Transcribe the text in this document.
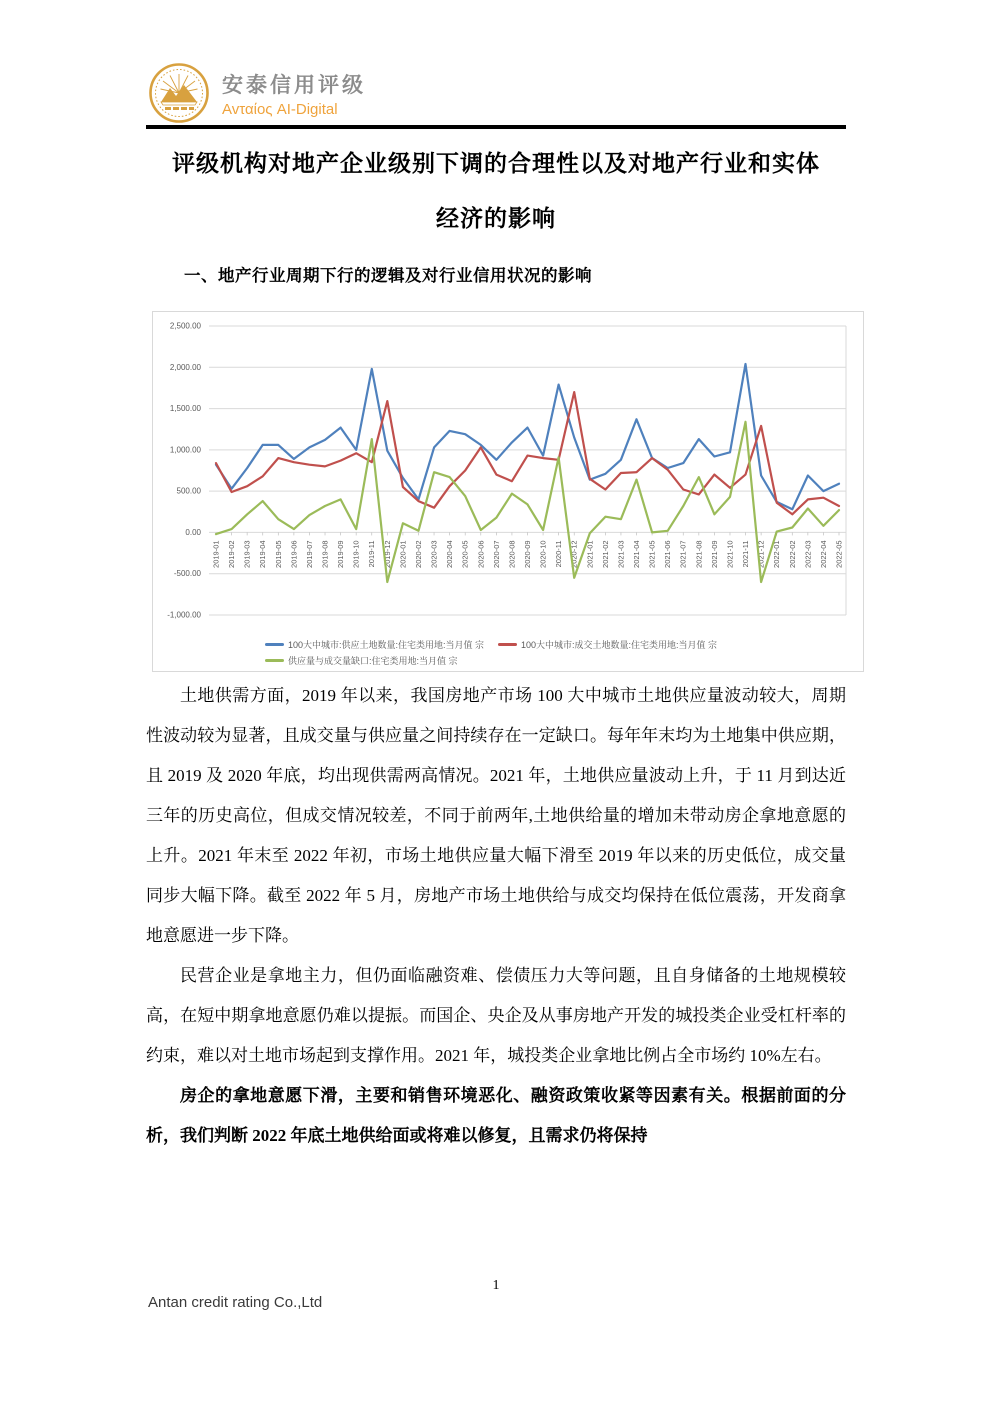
安泰信用评级
Avταίος AI-Digital
评级机构对地产企业级别下调的合理性以及对地产行业和实体
经济的影响
一、地产行业周期下行的逻辑及对行业信用状况的影响
2,500.00
2,000.00
1,500.00
1,000.00
500.00
0.00
-500.00
-1,000.00
2019-01 2019-02 2019-03 2019-04 2019-05 2019-06 2019-07 2019-08 2019-09 2019-10 2019-11 2019-12 2020-01 2020-02 2020-03 2020-04 2020-05 2020-06 2020-07 2020-08 2020-09 2020-10 2020-11 2020-12 2021-01 2021-02 2021-03 2021-04 2021-05 2021-06 2021-07 2021-08 2021-09 2021-10 2021-11 2021-12 2022-01 2022-02 2022-03 2022-04 2022-05
100大中城市:供应土地数量:住宅类用地:当月值 宗	100大中城市:成交土地数量:住宅类用地:当月值 宗
供应量与成交量缺口:住宅类用地:当月值 宗

土地供需方面，2019 年以来，我国房地产市场 100 大中城市土地供应量波动较大，周期性波动较为显著，且成交量与供应量之间持续存在一定缺口。每年年末均为土地集中供应期，且 2019 及 2020 年底，均出现供需两高情况。2021 年，土地供应量波动上升，于 11 月到达近三年的历史高位，但成交情况较差，不同于前两年,土地供给量的增加未带动房企拿地意愿的上升。2021 年末至 2022 年初，市场土地供应量大幅下滑至 2019 年以来的历史低位，成交量同步大幅下降。截至 2022 年 5 月，房地产市场土地供给与成交均保持在低位震荡，开发商拿地意愿进一步下降。

民营企业是拿地主力，但仍面临融资难、偿债压力大等问题，且自身储备的土地规模较高，在短中期拿地意愿仍难以提振。而国企、央企及从事房地产开发的城投类企业受杠杆率的约束，难以对土地市场起到支撑作用。2021 年，城投类企业拿地比例占全市场约 10%左右。

房企的拿地意愿下滑，主要和销售环境恶化、融资政策收紧等因素有关。根据前面的分析，我们判断 2022 年底土地供给面或将难以修复，且需求仍将保持

1
Antan credit rating Co.,Ltd
